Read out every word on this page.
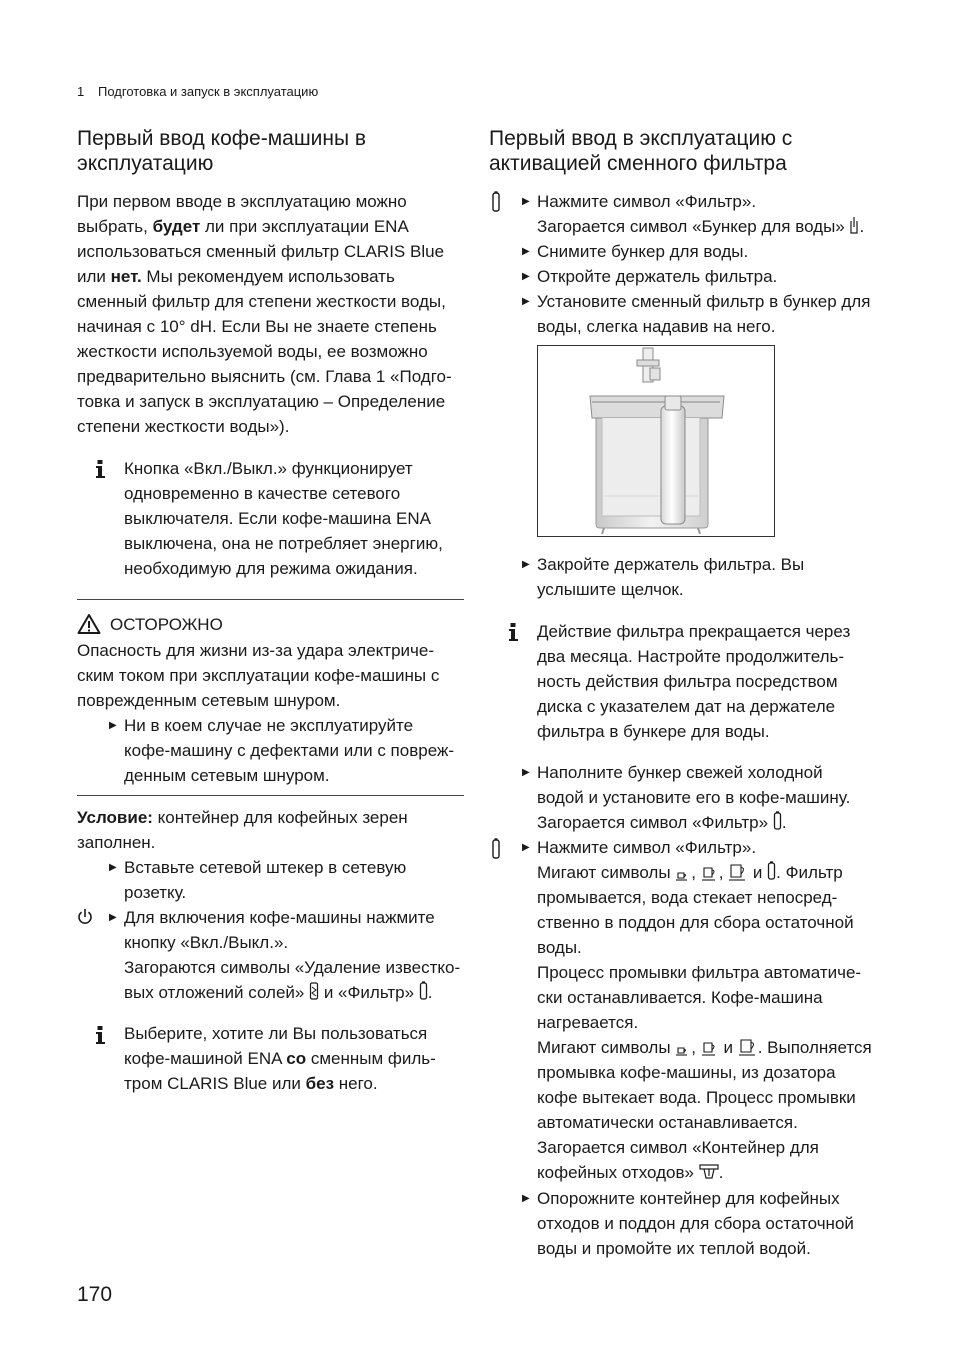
1 Подготовка и запуск в эксплуатацию
Первый ввод кофе-машины в
эксплуатацию
При первом вводе в эксплуатацию можно
выбрать, будет ли при эксплуатации ENA
использоваться сменный фильтр CLARIS Blue
или нет. Мы рекомендуем использовать
сменный фильтр для степени жесткости воды,
начиная с 10° dH. Если Вы не знаете степень
жесткости используемой воды, ее возможно
предварительно выяснить (см. Глава 1 «Подго-
товка и запуск в эксплуатацию – Определение
степени жесткости воды»).
Кнопка «Вкл./Выкл.» функционирует
одновременно в качестве сетевого
выключателя. Если кофе-машина ENA
выключена, она не потребляет энергию,
необходимую для режима ожидания.
ОСТОРОЖНО
Опасность для жизни из-за удара электриче-
ским током при эксплуатации кофе-машины с
поврежденным сетевым шнуром.
▶ Ни в коем случае не эксплуатируйте
кофе-машину с дефектами или с повреж-
денным сетевым шнуром.
Условие: контейнер для кофейных зерен
заполнен.
▶ Вставьте сетевой штекер в сетевую
розетку.
▶ Для включения кофе-машины нажмите
кнопку «Вкл./Выкл.».
Загораются символы «Удаление известко-
вых отложений солей»  и «Фильтр» .
Выберите, хотите ли Вы пользоваться
кофе-машиной ENA со сменным филь-
тром CLARIS Blue или без него.
Первый ввод в эксплуатацию с
активацией сменного фильтра
▶ Нажмите символ «Фильтр».
Загорается символ «Бункер для воды» .
▶ Снимите бункер для воды.
▶ Откройте держатель фильтра.
▶ Установите сменный фильтр в бункер для
воды, слегка надавив на него.
▶ Закройте держатель фильтра. Вы
услышите щелчок.
Действие фильтра прекращается через
два месяца. Настройте продолжитель-
ность действия фильтра посредством
диска с указателем дат на держателе
фильтра в бункере для воды.
▶ Наполните бункер свежей холодной
водой и установите его в кофе-машину.
Загорается символ «Фильтр» .
▶ Нажмите символ «Фильтр».
Мигают символы , ,  и . Фильтр
промывается, вода стекает непосред-
ственно в поддон для сбора остаточной
воды.
Процесс промывки фильтра автоматиче-
ски останавливается. Кофе-машина
нагревается.
Мигают символы ,  и . Выполняется
промывка кофе-машины, из дозатора
кофе вытекает вода. Процесс промывки
автоматически останавливается.
Загорается символ «Контейнер для
кофейных отходов» .
▶ Опорожните контейнер для кофейных
отходов и поддон для сбора остаточной
воды и промойте их теплой водой.
170
